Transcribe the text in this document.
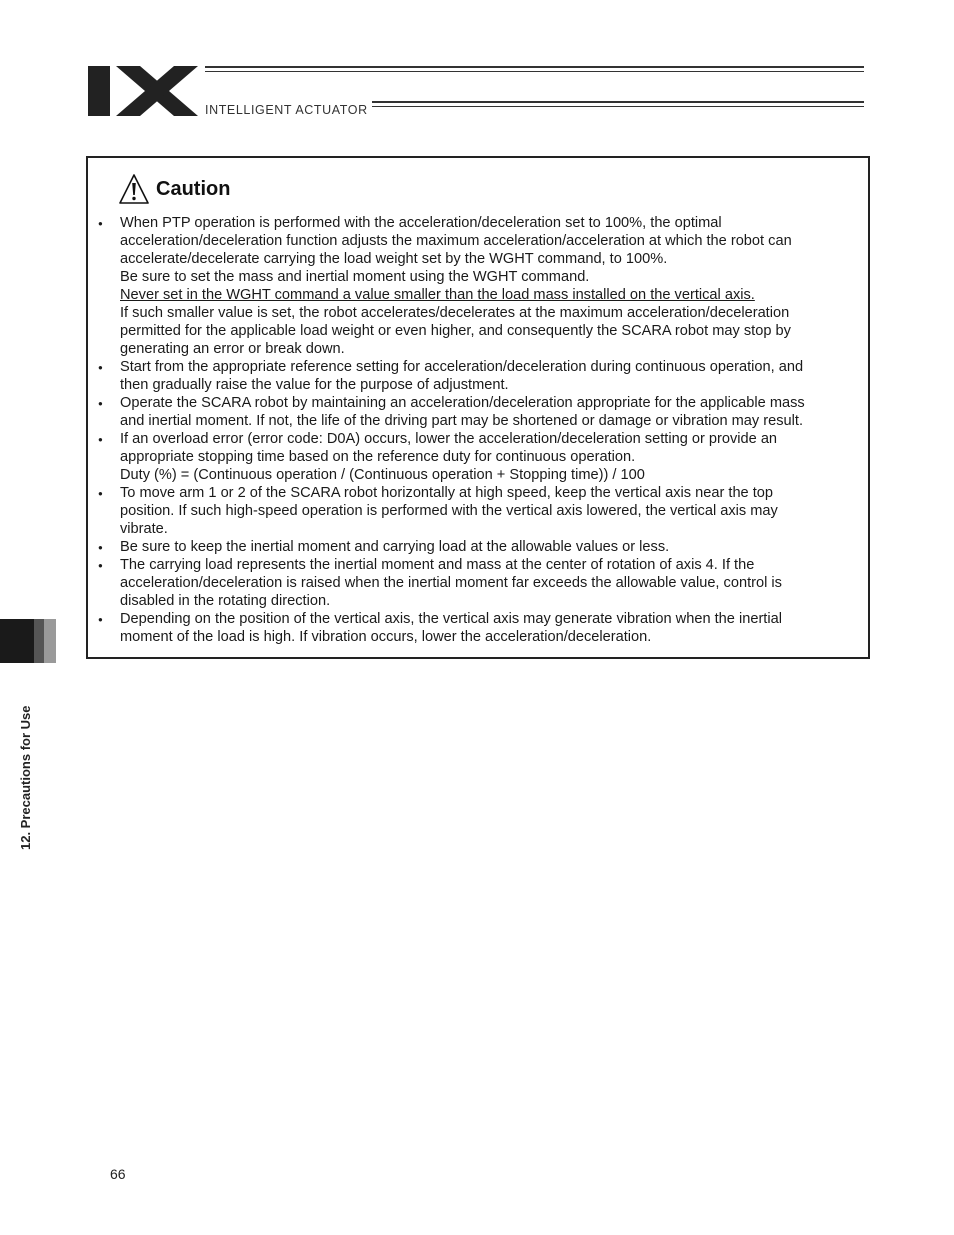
INTELLIGENT ACTUATOR
Caution
● When PTP operation is performed with the acceleration/deceleration set to 100%, the optimal
acceleration/deceleration function adjusts the maximum acceleration/acceleration at which the robot can
accelerate/decelerate carrying the load weight set by the WGHT command, to 100%.
Be sure to set the mass and inertial moment using the WGHT command.
Never set in the WGHT command a value smaller than the load mass installed on the vertical axis.
If such smaller value is set, the robot accelerates/decelerates at the maximum acceleration/deceleration
permitted for the applicable load weight or even higher, and consequently the SCARA robot may stop by
generating an error or break down.
● Start from the appropriate reference setting for acceleration/deceleration during continuous operation, and
then gradually raise the value for the purpose of adjustment.
● Operate the SCARA robot by maintaining an acceleration/deceleration appropriate for the applicable mass
and inertial moment. If not, the life of the driving part may be shortened or damage or vibration may result.
● If an overload error (error code: D0A) occurs, lower the acceleration/deceleration setting or provide an
appropriate stopping time based on the reference duty for continuous operation.
Duty (%) = (Continuous operation / (Continuous operation + Stopping time)) / 100
● To move arm 1 or 2 of the SCARA robot horizontally at high speed, keep the vertical axis near the top
position. If such high-speed operation is performed with the vertical axis lowered, the vertical axis may
vibrate.
● Be sure to keep the inertial moment and carrying load at the allowable values or less.
● The carrying load represents the inertial moment and mass at the center of rotation of axis 4. If the
acceleration/deceleration is raised when the inertial moment far exceeds the allowable value, control is
disabled in the rotating direction.
● Depending on the position of the vertical axis, the vertical axis may generate vibration when the inertial
moment of the load is high. If vibration occurs, lower the acceleration/deceleration.
12. Precautions for Use
66
